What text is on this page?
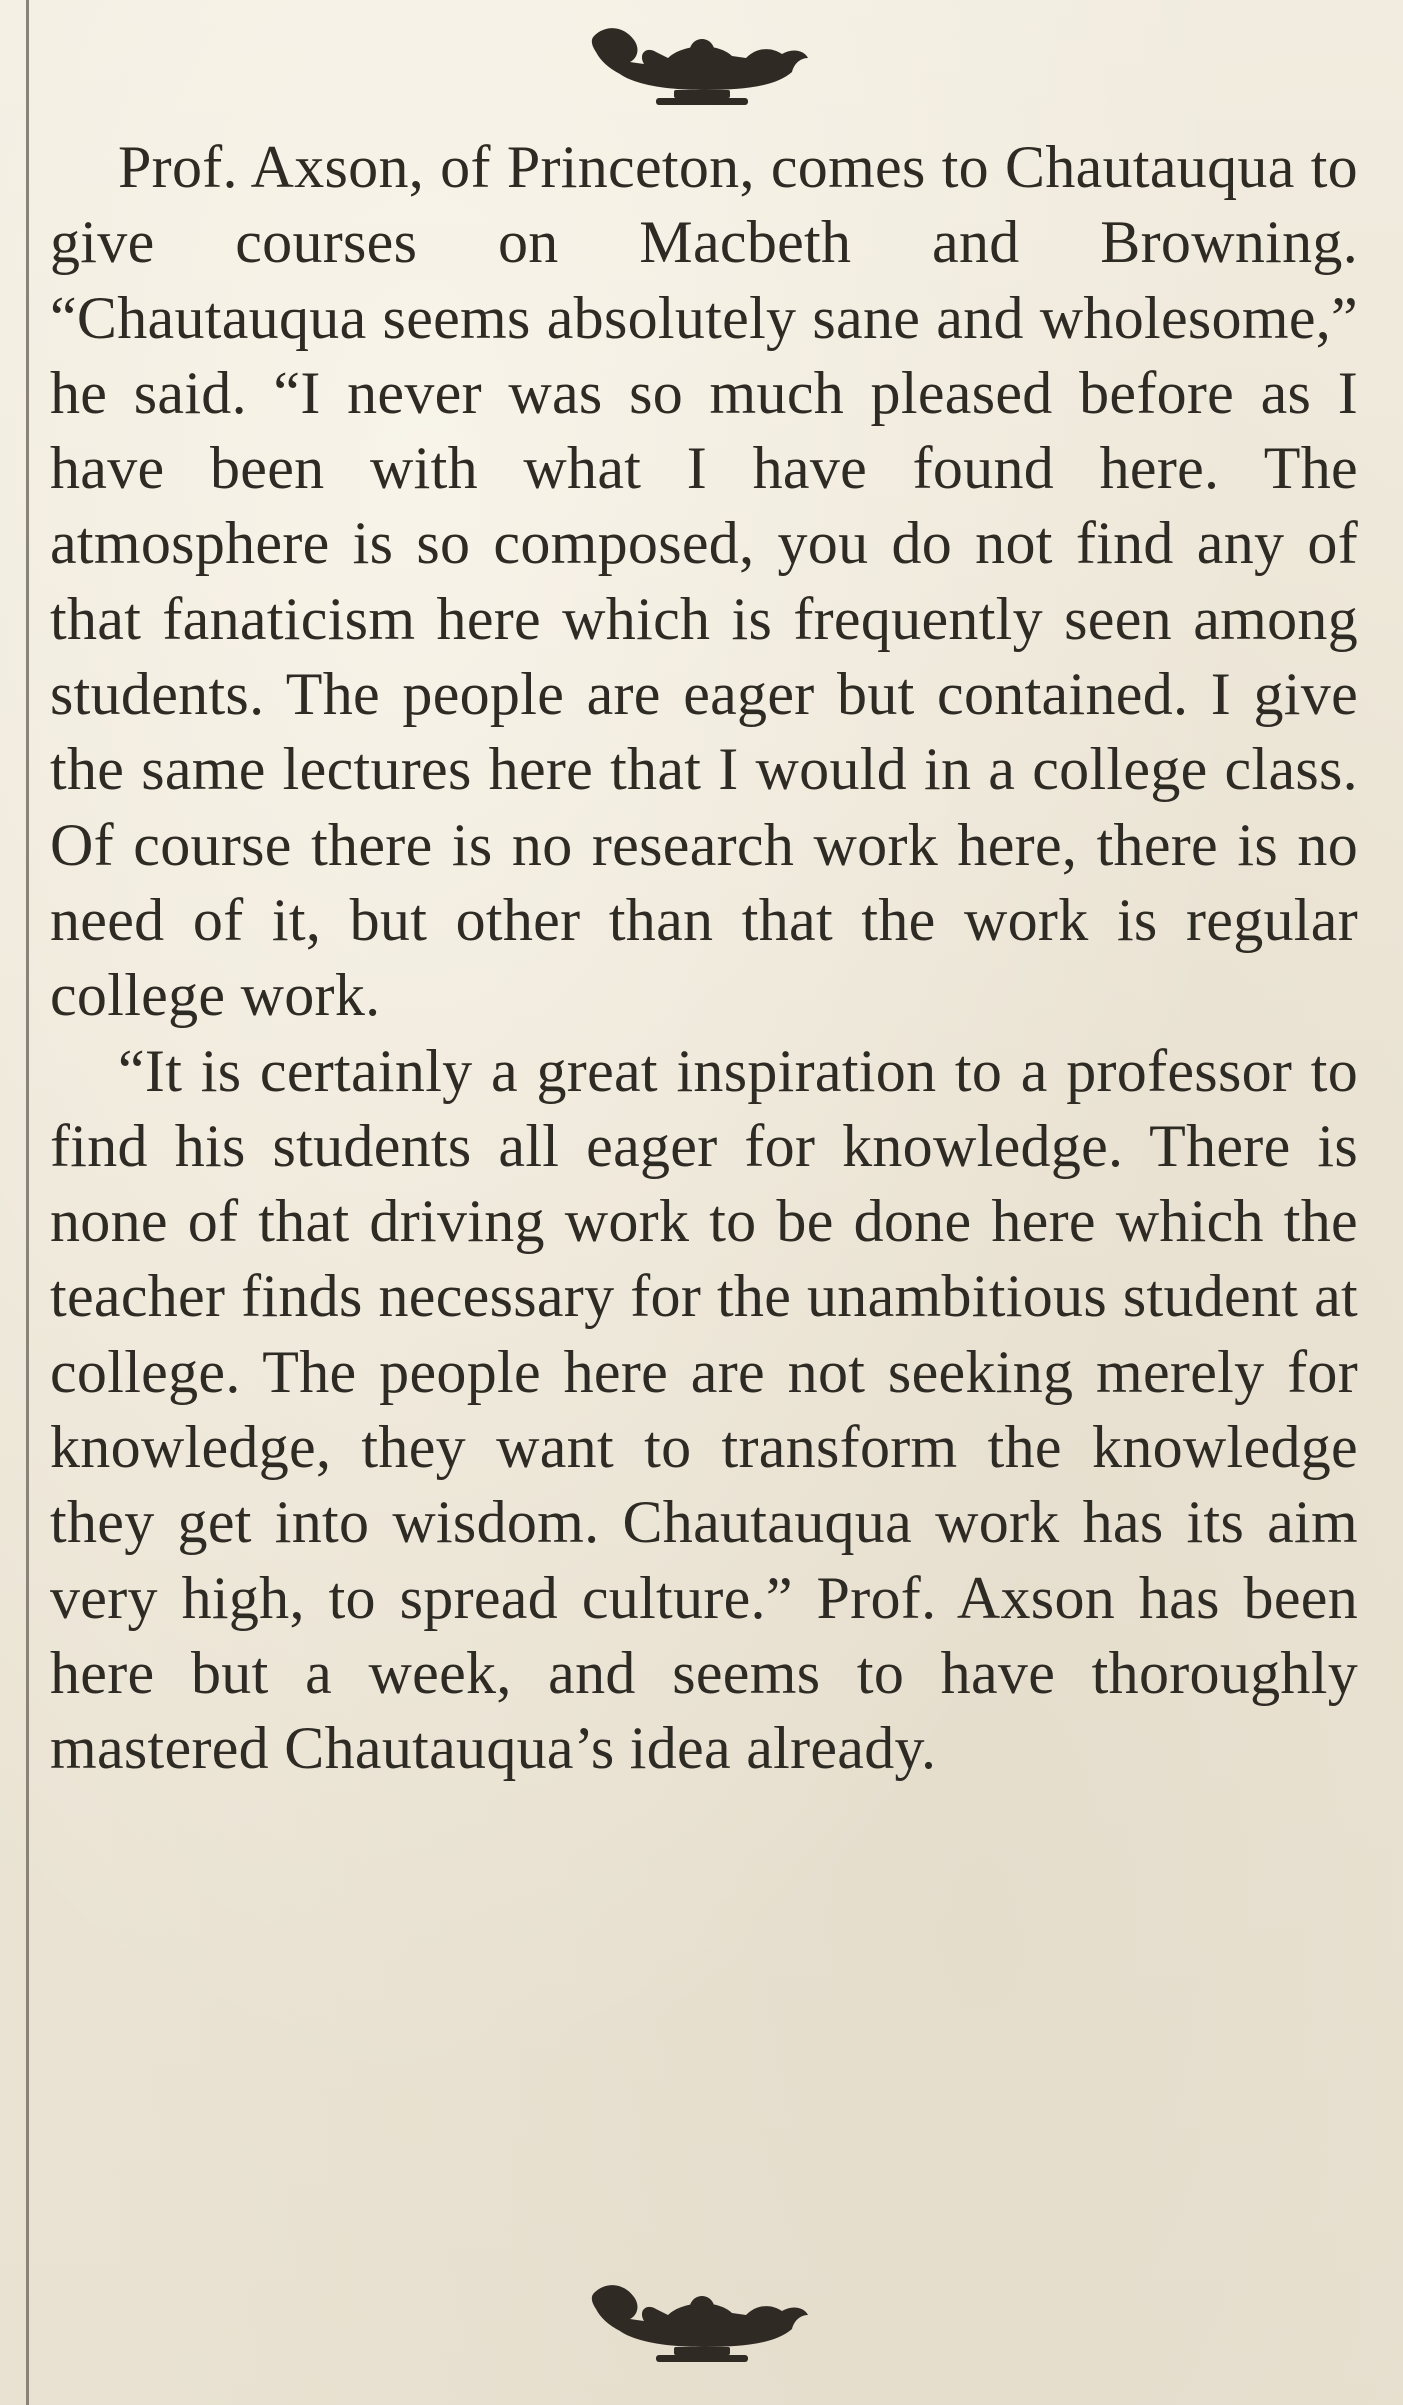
Prof. Axson, of Princeton, comes to Chautauqua to give courses on Macbeth and Browning. “Chautauqua seems absolutely sane and wholesome,” he said. “I never was so much pleased before as I have been with what I have found here. The atmosphere is so composed, you do not find any of that fanaticism here which is frequently seen among students. The people are eager but contained. I give the same lectures here that I would in a college class. Of course there is no research work here, there is no need of it, but other than that the work is regular college work.

“It is certainly a great inspiration to a professor to find his students all eager for knowledge. There is none of that driving work to be done here which the teacher finds necessary for the unambitious student at college. The people here are not seeking merely for knowledge, they want to transform the knowledge they get into wisdom. Chautauqua work has its aim very high, to spread culture.” Prof. Axson has been here but a week, and seems to have thoroughly mastered Chautauqua’s idea already.
